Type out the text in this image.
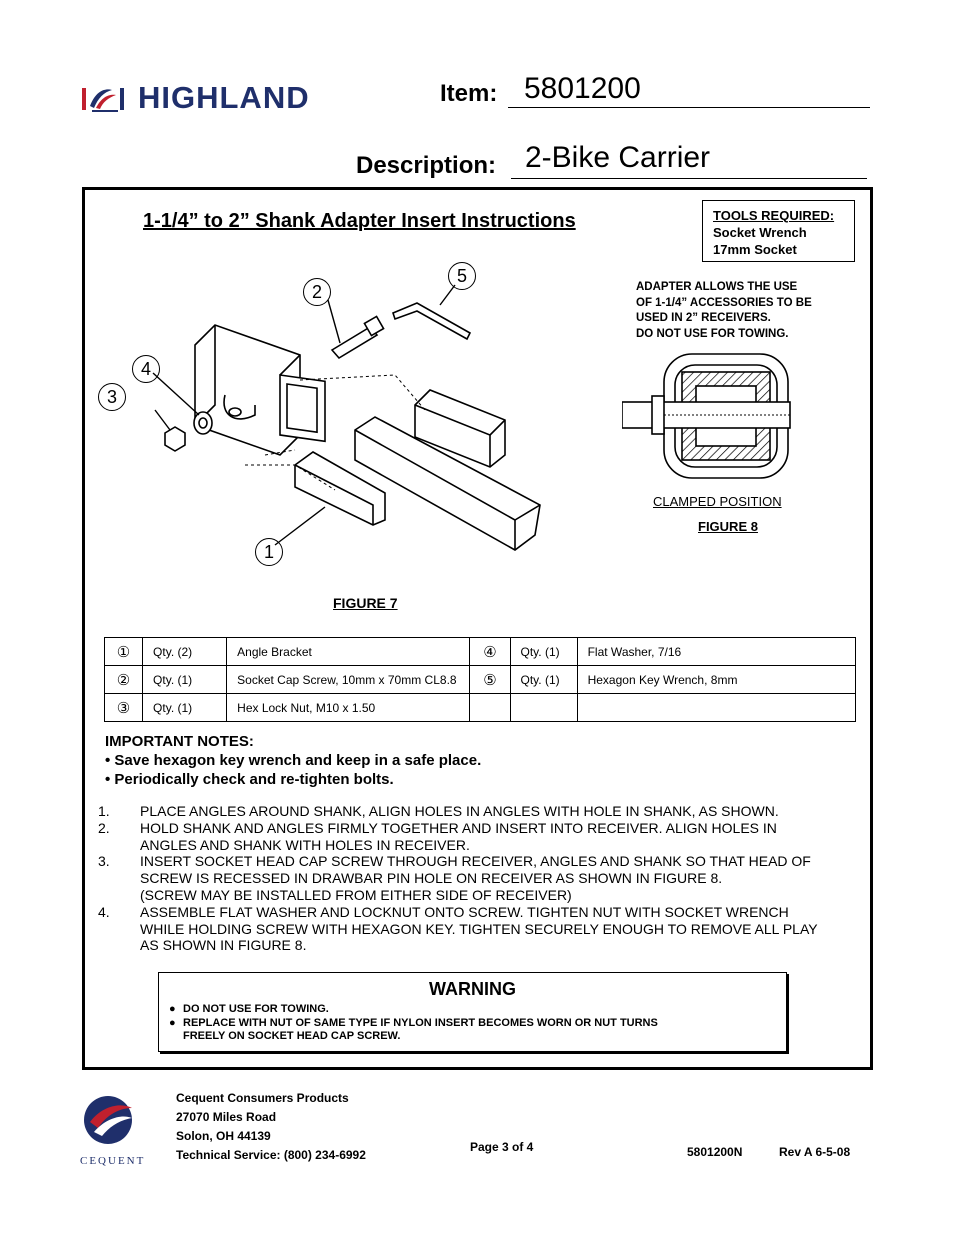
HIGHLAND	Item: 5801200
Description: 2-Bike Carrier
1-1/4” to 2” Shank Adapter Insert Instructions	TOOLS REQUIRED:
Socket Wrench
17mm Socket
ADAPTER ALLOWS THE USE
OF 1-1/4” ACCESSORIES TO BE
USED IN 2” RECEIVERS.
DO NOT USE FOR TOWING.
2
5
4
3
1
FIGURE 7
CLAMPED POSITION
FIGURE 8
①	Qty. (2)	Angle Bracket	④	Qty. (1)	Flat Washer, 7/16
②	Qty. (1)	Socket Cap Screw, 10mm x 70mm CL8.8	⑤	Qty. (1)	Hexagon Key Wrench, 8mm
③	Qty. (1)	Hex Lock Nut, M10 x 1.50			
IMPORTANT NOTES:
• Save hexagon key wrench and keep in a safe place.
• Periodically check and re-tighten bolts.
1. PLACE ANGLES AROUND SHANK, ALIGN HOLES IN ANGLES WITH HOLE IN SHANK, AS SHOWN.
2. HOLD SHANK AND ANGLES FIRMLY TOGETHER AND INSERT INTO RECEIVER. ALIGN HOLES IN
ANGLES AND SHANK WITH HOLES IN RECEIVER.
3. INSERT SOCKET HEAD CAP SCREW THROUGH RECEIVER, ANGLES AND SHANK SO THAT HEAD OF
SCREW IS RECESSED IN DRAWBAR PIN HOLE ON RECEIVER AS SHOWN IN FIGURE 8.
(SCREW MAY BE INSTALLED FROM EITHER SIDE OF RECEIVER)
4. ASSEMBLE FLAT WASHER AND LOCKNUT ONTO SCREW. TIGHTEN NUT WITH SOCKET WRENCH
WHILE HOLDING SCREW WITH HEXAGON KEY. TIGHTEN SECURELY ENOUGH TO REMOVE ALL PLAY
AS SHOWN IN FIGURE 8.
WARNING
● DO NOT USE FOR TOWING.
● REPLACE WITH NUT OF SAME TYPE IF NYLON INSERT BECOMES WORN OR NUT TURNS
FREELY ON SOCKET HEAD CAP SCREW.
CEQUENT
Cequent Consumers Products
27070 Miles Road
Solon, OH 44139
Technical Service: (800) 234-6992
Page 3 of 4	5801200N	Rev A 6-5-08
